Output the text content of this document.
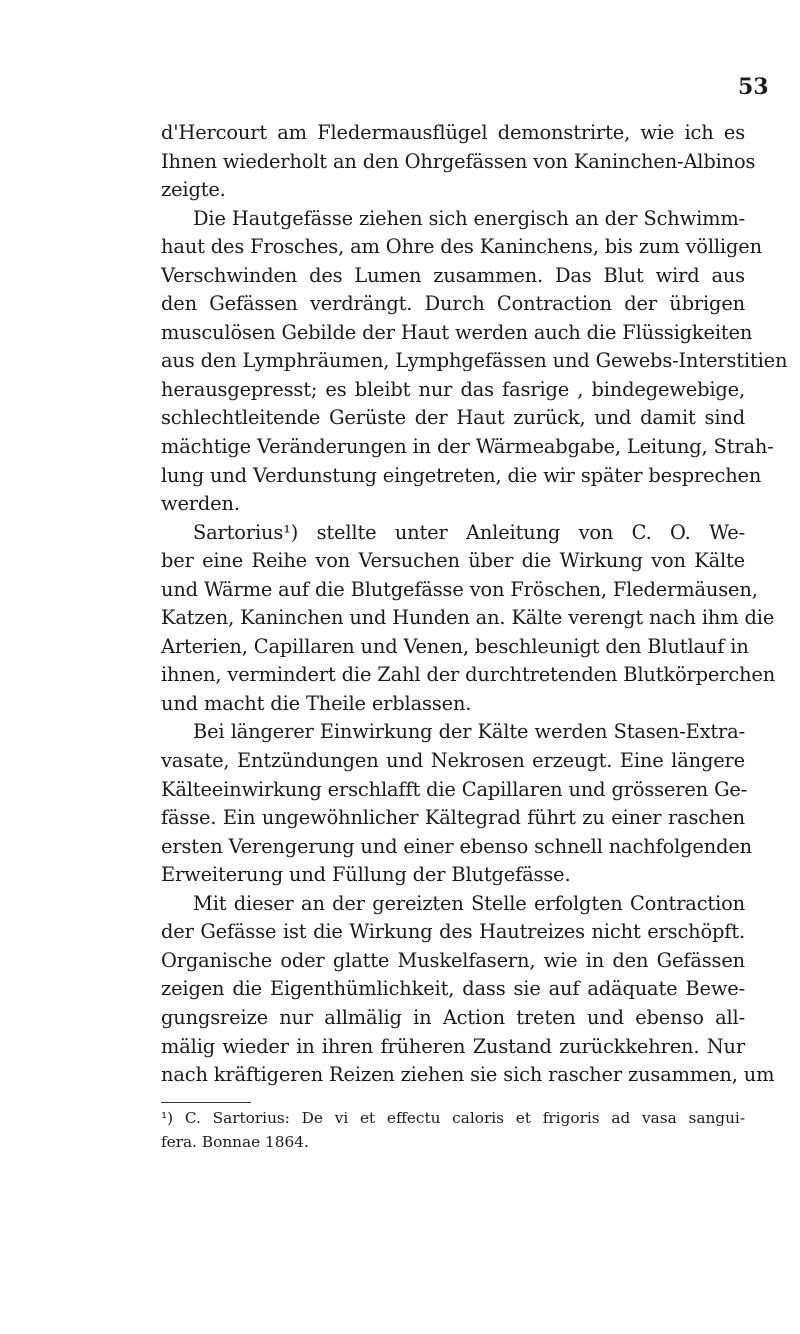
53
d'Hercourt am Fledermausflügel demonstrirte, wie ich es
Ihnen wiederholt an den Ohrgefässen von Kaninchen-Albinos
zeigte.
Die Hautgefässe ziehen sich energisch an der Schwimm-
haut des Frosches, am Ohre des Kaninchens, bis zum völligen
Verschwinden des Lumen zusammen. Das Blut wird aus
den Gefässen verdrängt. Durch Contraction der übrigen
musculösen Gebilde der Haut werden auch die Flüssigkeiten
aus den Lymphräumen, Lymphgefässen und Gewebs-Interstitien
herausgepresst; es bleibt nur das fasrige , bindegewebige,
schlechtleitende Gerüste der Haut zurück, und damit sind
mächtige Veränderungen in der Wärmeabgabe, Leitung, Strah-
lung und Verdunstung eingetreten, die wir später besprechen
werden.
Sartorius¹) stellte unter Anleitung von C. O. We-
ber eine Reihe von Versuchen über die Wirkung von Kälte
und Wärme auf die Blutgefässe von Fröschen, Fledermäusen,
Katzen, Kaninchen und Hunden an. Kälte verengt nach ihm die
Arterien, Capillaren und Venen, beschleunigt den Blutlauf in
ihnen, vermindert die Zahl der durchtretenden Blutkörperchen
und macht die Theile erblassen.
Bei längerer Einwirkung der Kälte werden Stasen-Extra-
vasate, Entzündungen und Nekrosen erzeugt. Eine längere
Kälteeinwirkung erschlafft die Capillaren und grösseren Ge-
fässe. Ein ungewöhnlicher Kältegrad führt zu einer raschen
ersten Verengerung und einer ebenso schnell nachfolgenden
Erweiterung und Füllung der Blutgefässe.
Mit dieser an der gereizten Stelle erfolgten Contraction
der Gefässe ist die Wirkung des Hautreizes nicht erschöpft.
Organische oder glatte Muskelfasern, wie in den Gefässen
zeigen die Eigenthümlichkeit, dass sie auf adäquate Bewe-
gungsreize nur allmälig in Action treten und ebenso all-
mälig wieder in ihren früheren Zustand zurückkehren. Nur
nach kräftigeren Reizen ziehen sie sich rascher zusammen, um
¹) C. Sartorius: De vi et effectu caloris et frigoris ad vasa sangui-
fera. Bonnae 1864.
